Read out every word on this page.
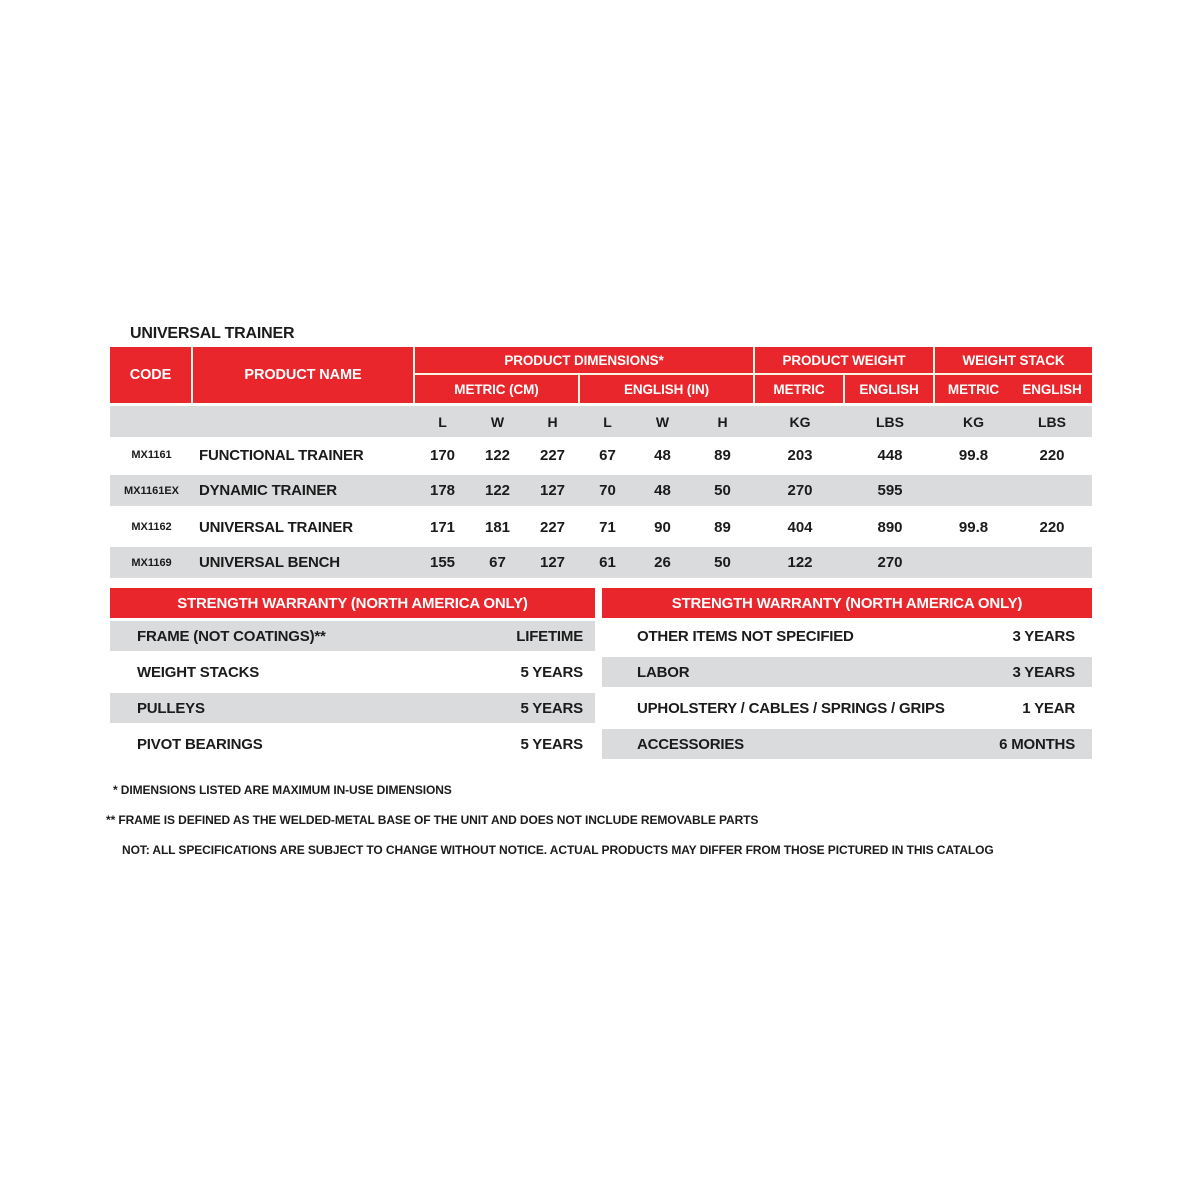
UNIVERSAL TRAINER
CODE	PRODUCT NAME
PRODUCT DIMENSIONS*	PRODUCT WEIGHT	WEIGHT STACK
METRIC (CM)	ENGLISH (IN)	METRIC	ENGLISH	METRIC	ENGLISH
L	W	H	L	W	H	KG	LBS	KG	LBS
MX1161	FUNCTIONAL TRAINER	170	122	227	67	48	89	203	448	99.8	220
MX1161EX	DYNAMIC TRAINER	178	122	127	70	48	50	270	595
MX1162	UNIVERSAL TRAINER	171	181	227	71	90	89	404	890	99.8	220
MX1169	UNIVERSAL BENCH	155	67	127	61	26	50	122	270
STRENGTH WARRANTY (NORTH AMERICA ONLY)
FRAME (NOT COATINGS)**	LIFETIME
WEIGHT STACKS	5 YEARS
PULLEYS	5 YEARS
PIVOT BEARINGS	5 YEARS
STRENGTH WARRANTY (NORTH AMERICA ONLY)
OTHER ITEMS NOT SPECIFIED	3 YEARS
LABOR	3 YEARS
UPHOLSTERY / CABLES / SPRINGS / GRIPS	1 YEAR
ACCESSORIES	6 MONTHS
* DIMENSIONS LISTED ARE MAXIMUM IN-USE DIMENSIONS
** FRAME IS DEFINED AS THE WELDED-METAL BASE OF THE UNIT AND DOES NOT INCLUDE REMOVABLE PARTS
NOT: ALL SPECIFICATIONS ARE SUBJECT TO CHANGE WITHOUT NOTICE. ACTUAL PRODUCTS MAY DIFFER FROM THOSE PICTURED IN THIS CATALOG
